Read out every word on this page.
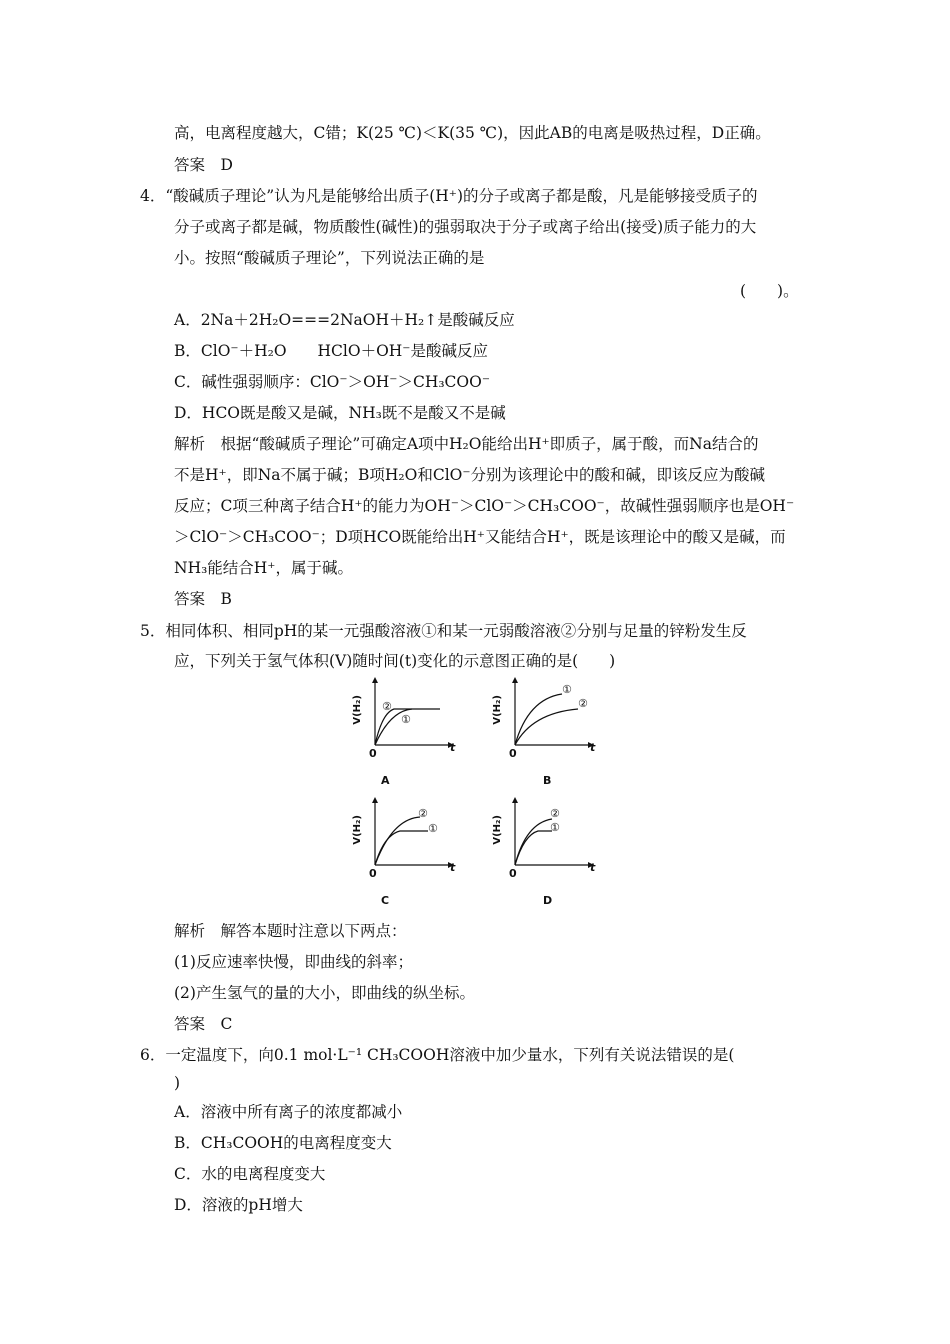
高，电离程度越大，C错；K(25 ℃)＜K(35 ℃)，因此AB的电离是吸热过程，D正确。
答案　D
4．“酸碱质子理论”认为凡是能够给出质子(H⁺)的分子或离子都是酸，凡是能够接受质子的
分子或离子都是碱，物质酸性(碱性)的强弱取决于分子或离子给出(接受)质子能力的大
小。按照“酸碱质子理论”，下列说法正确的是
(　　)。
A．2Na＋2H₂O===2NaOH＋H₂↑是酸碱反应
B．ClO⁻＋H₂O　　HClO＋OH⁻是酸碱反应
C．碱性强弱顺序：ClO⁻＞OH⁻＞CH₃COO⁻
D．HCO既是酸又是碱，NH₃既不是酸又不是碱
解析　根据“酸碱质子理论”可确定A项中H₂O能给出H⁺即质子，属于酸，而Na结合的
不是H⁺，即Na不属于碱；B项H₂O和ClO⁻分别为该理论中的酸和碱，即该反应为酸碱
反应；C项三种离子结合H⁺的能力为OH⁻＞ClO⁻＞CH₃COO⁻，故碱性强弱顺序也是OH⁻
＞ClO⁻＞CH₃COO⁻；D项HCO既能给出H⁺又能结合H⁺，既是该理论中的酸又是碱，而
NH₃能结合H⁺，属于碱。
答案　B
5．相同体积、相同pH的某一元强酸溶液①和某一元弱酸溶液②分别与足量的锌粉发生反
应，下列关于氢气体积(V)随时间(t)变化的示意图正确的是(　　)
V(H₂)
0	t
②
①
A
V(H₂)
0	t
①
②
B
V(H₂)
0	t
②
①
C
V(H₂)
0	t
②
①
D
解析　解答本题时注意以下两点：
(1)反应速率快慢，即曲线的斜率；
(2)产生氢气的量的大小，即曲线的纵坐标。
答案　C
6．一定温度下，向0.1 mol·L⁻¹ CH₃COOH溶液中加少量水，下列有关说法错误的是(
)
A．溶液中所有离子的浓度都减小
B．CH₃COOH的电离程度变大
C．水的电离程度变大
D．溶液的pH增大
